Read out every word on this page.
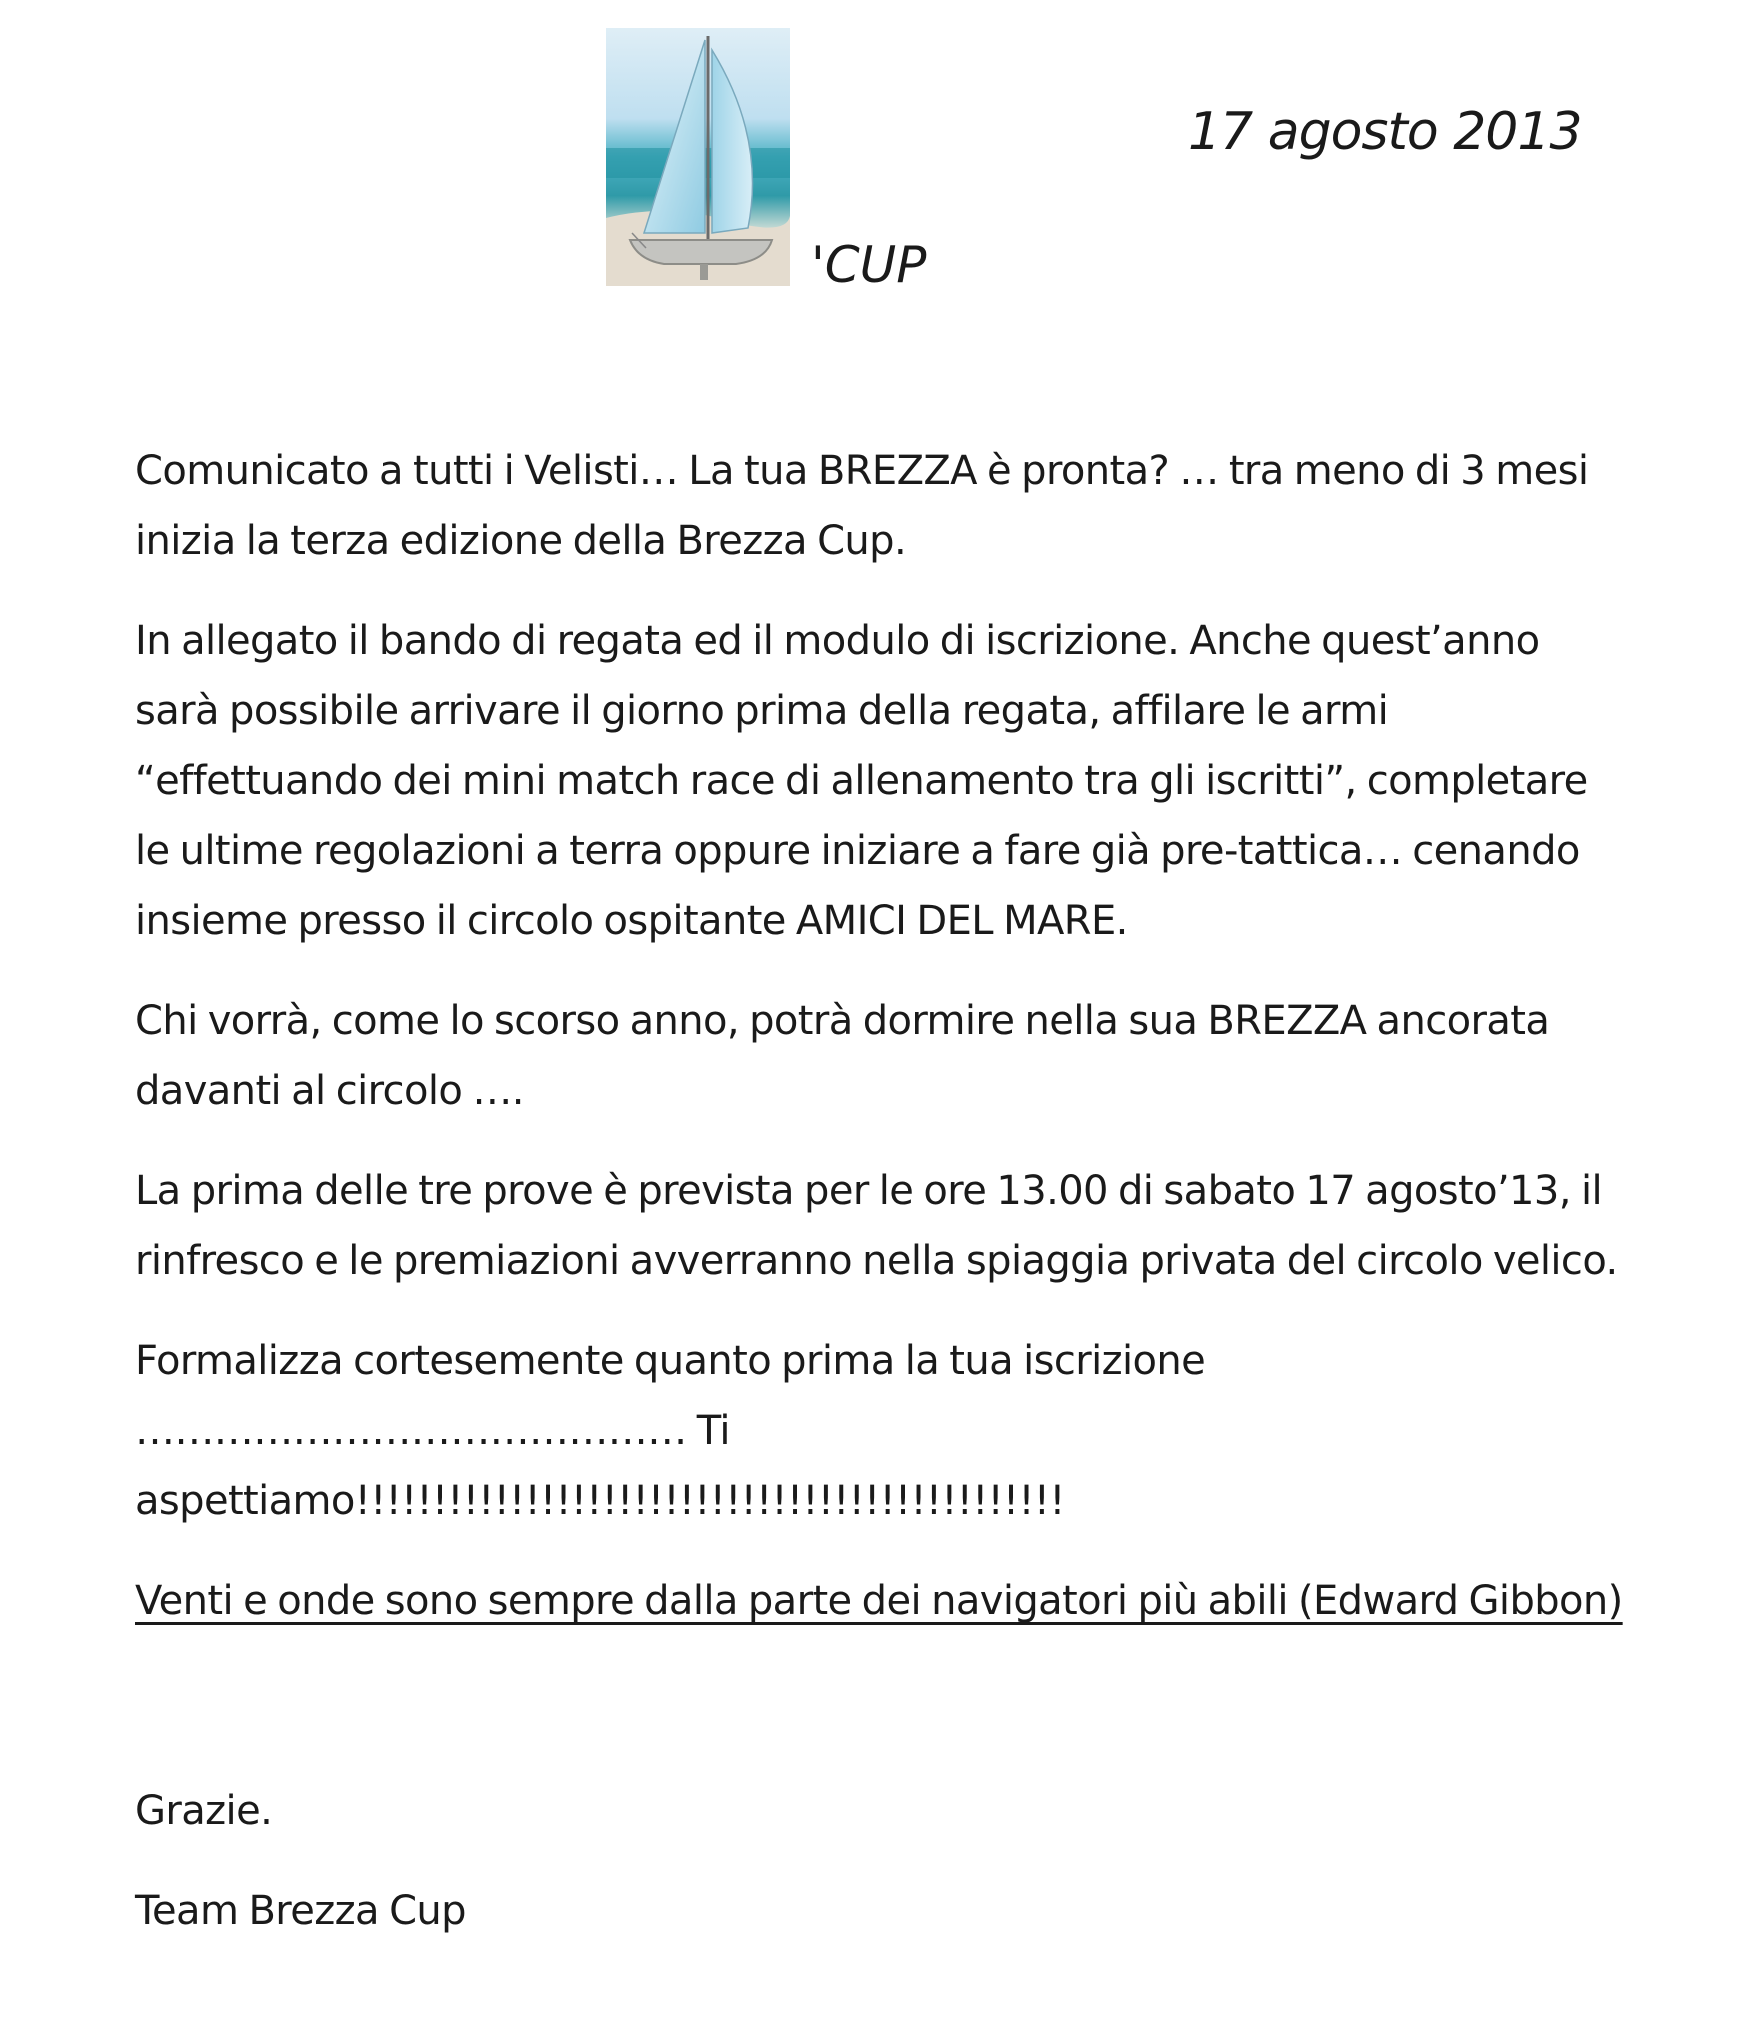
'CUP
17 agosto 2013

Comunicato a tutti i Velisti… La tua BREZZA è pronta? … tra meno di 3 mesi inizia la terza edizione della Brezza Cup.

In allegato il bando di regata ed il modulo di iscrizione. Anche quest’anno sarà possibile arrivare il giorno prima della regata, affilare le armi “effettuando dei mini match race di allenamento tra gli iscritti”, completare le ultime regolazioni a terra oppure iniziare a fare già pre-tattica… cenando insieme presso il circolo ospitante AMICI DEL MARE.

Chi vorrà, come lo scorso anno, potrà dormire nella sua BREZZA ancorata davanti al circolo ….

La prima delle tre prove è prevista per le ore 13.00 di sabato 17 agosto’13, il rinfresco e le premiazioni avverranno nella spiaggia privata del circolo velico.

Formalizza cortesemente quanto prima la tua iscrizione …………………………………… Ti aspettiamo!!!!!!!!!!!!!!!!!!!!!!!!!!!!!!!!!!!!!!!!!!!!!!

Venti e onde sono sempre dalla parte dei navigatori più abili (Edward Gibbon)

Grazie.

Team Brezza Cup
